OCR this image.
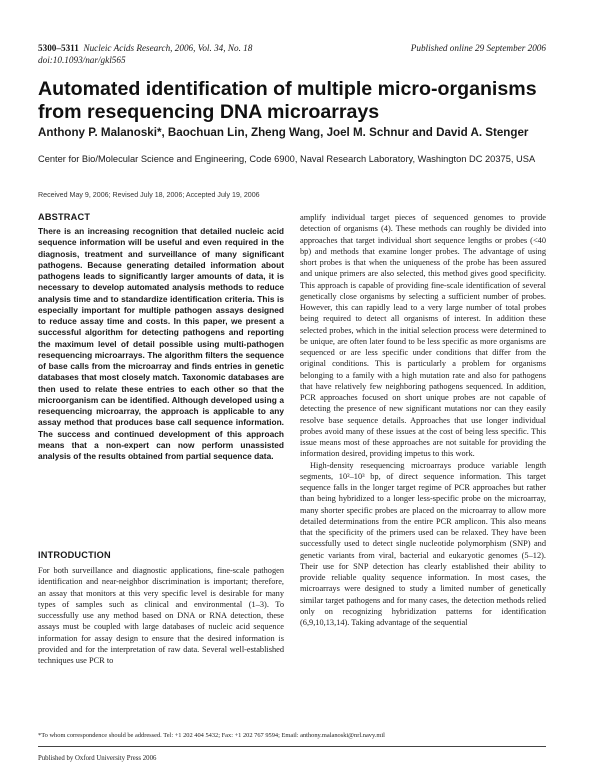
5300–5311 Nucleic Acids Research, 2006, Vol. 34, No. 18	Published online 29 September 2006
doi:10.1093/nar/gkl565
Automated identification of multiple micro-organisms from resequencing DNA microarrays

Anthony P. Malanoski*, Baochuan Lin, Zheng Wang, Joel M. Schnur and David A. Stenger

Center for Bio/Molecular Science and Engineering, Code 6900, Naval Research Laboratory, Washington DC 20375, USA

Received May 9, 2006; Revised July 18, 2006; Accepted July 19, 2006

ABSTRACT

There is an increasing recognition that detailed nucleic acid sequence information will be useful and even required in the diagnosis, treatment and surveillance of many significant pathogens. Because generating detailed information about pathogens leads to significantly larger amounts of data, it is necessary to develop automated analysis methods to reduce analysis time and to standardize identification criteria. This is especially important for multiple pathogen assays designed to reduce assay time and costs. In this paper, we present a successful algorithm for detecting pathogens and reporting the maximum level of detail possible using multi-pathogen resequencing microarrays. The algorithm filters the sequence of base calls from the microarray and finds entries in genetic databases that most closely match. Taxonomic databases are then used to relate these entries to each other so that the microorganism can be identified. Although developed using a resequencing microarray, the approach is applicable to any assay method that produces base call sequence information. The success and continued development of this approach means that a non-expert can now perform unassisted analysis of the results obtained from partial sequence data.

INTRODUCTION

For both surveillance and diagnostic applications, fine-scale pathogen identification and near-neighbor discrimination is important; therefore, an assay that monitors at this very specific level is desirable for many types of samples such as clinical and environmental (1–3). To successfully use any method based on DNA or RNA detection, these assays must be coupled with large databases of nucleic acid sequence information for assay design to ensure that the desired information is provided and for the interpretation of raw data. Several well-established techniques use PCR to

amplify individual target pieces of sequenced genomes to provide detection of organisms (4). These methods can roughly be divided into approaches that target individual short sequence lengths or probes (<40 bp) and methods that examine longer probes. The advantage of using short probes is that when the uniqueness of the probe has been assured and unique primers are also selected, this method gives good specificity. This approach is capable of providing fine-scale identification of several genetically close organisms by selecting a sufficient number of probes. However, this can rapidly lead to a very large number of total probes being required to detect all organisms of interest. In addition these selected probes, which in the initial selection process were determined to be unique, are often later found to be less specific as more organisms are sequenced or are less specific under conditions that differ from the original conditions. This is particularly a problem for organisms belonging to a family with a high mutation rate and also for pathogens that have relatively few neighboring pathogens sequenced. In addition, PCR approaches focused on short unique probes are not capable of detecting the presence of new significant mutations nor can they easily resolve base sequence details. Approaches that use longer individual probes avoid many of these issues at the cost of being less specific. This issue means most of these approaches are not suitable for providing the information desired, providing impetus to this work.

High-density resequencing microarrays produce variable length segments, 10²–10³ bp, of direct sequence information. This target sequence falls in the longer target regime of PCR approaches but rather than being hybridized to a longer less-specific probe on the microarray, many shorter specific probes are placed on the microarray to allow more detailed determinations from the entire PCR amplicon. This also means that the specificity of the primers used can be relaxed. They have been successfully used to detect single nucleotide polymorphism (SNP) and genetic variants from viral, bacterial and eukaryotic genomes (5–12). Their use for SNP detection has clearly established their ability to provide reliable quality sequence information. In most cases, the microarrays were designed to study a limited number of genetically similar target pathogens and for many cases, the detection methods relied only on recognizing hybridization patterns for identification (6,9,10,13,14). Taking advantage of the sequential

*To whom correspondence should be addressed. Tel: +1 202 404 5432; Fax: +1 202 767 9594; Email: anthony.malanoski@nrl.navy.mil

Published by Oxford University Press 2006
